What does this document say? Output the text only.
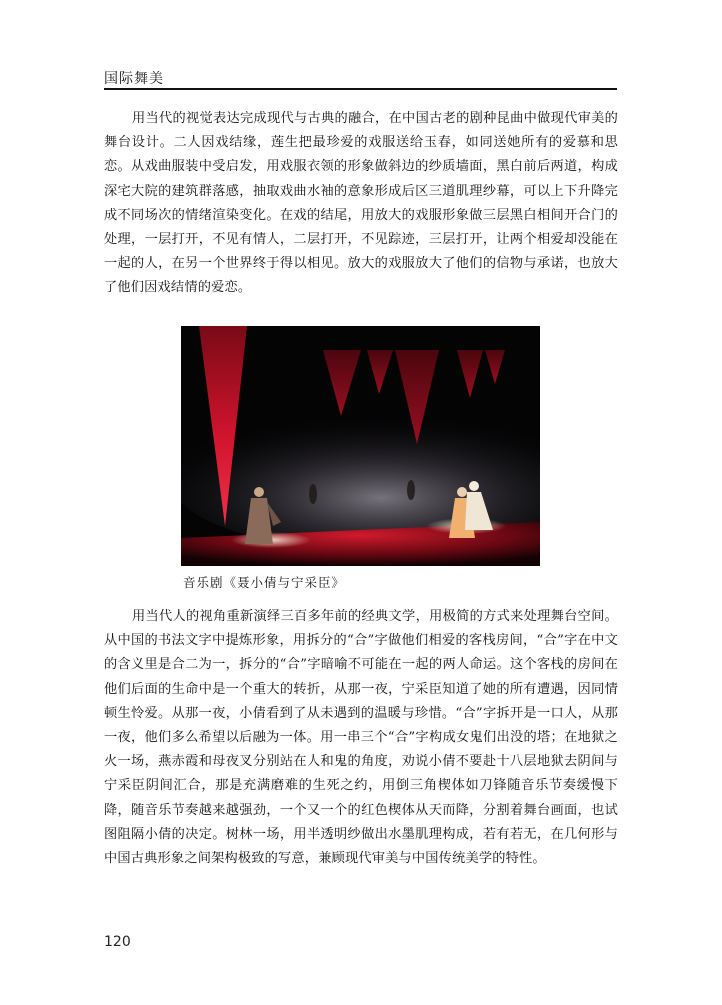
国际舞美

用当代的视觉表达完成现代与古典的融合，在中国古老的剧种昆曲中做现代审美的舞台设计。二人因戏结缘，莲生把最珍爱的戏服送给玉春，如同送她所有的爱慕和思恋。从戏曲服装中受启发，用戏服衣领的形象做斜边的纱质墙面，黑白前后两道，构成深宅大院的建筑群落感，抽取戏曲水袖的意象形成后区三道肌理纱幕，可以上下升降完成不同场次的情绪渲染变化。在戏的结尾，用放大的戏服形象做三层黑白相间开合门的处理，一层打开，不见有情人，二层打开，不见踪迹，三层打开，让两个相爱却没能在一起的人，在另一个世界终于得以相见。放大的戏服放大了他们的信物与承诺，也放大了他们因戏结情的爱恋。

音乐剧《聂小倩与宁采臣》

用当代人的视角重新演绎三百多年前的经典文学，用极简的方式来处理舞台空间。从中国的书法文字中提炼形象，用拆分的“合”字做他们相爱的客栈房间，“合”字在中文的含义里是合二为一，拆分的“合”字暗喻不可能在一起的两人命运。这个客栈的房间在他们后面的生命中是一个重大的转折，从那一夜，宁采臣知道了她的所有遭遇，因同情顿生怜爱。从那一夜，小倩看到了从未遇到的温暖与珍惜。“合”字拆开是一口人，从那一夜，他们多么希望以后融为一体。用一串三个“合”字构成女鬼们出没的塔；在地狱之火一场，燕赤霞和母夜叉分别站在人和鬼的角度，劝说小倩不要赴十八层地狱去阴间与宁采臣阴间汇合，那是充满磨难的生死之约，用倒三角楔体如刀锋随音乐节奏缓慢下降，随音乐节奏越来越强劲，一个又一个的红色楔体从天而降，分割着舞台画面，也试图阻隔小倩的决定。树林一场，用半透明纱做出水墨肌理构成，若有若无，在几何形与中国古典形象之间架构极致的写意，兼顾现代审美与中国传统美学的特性。

120
